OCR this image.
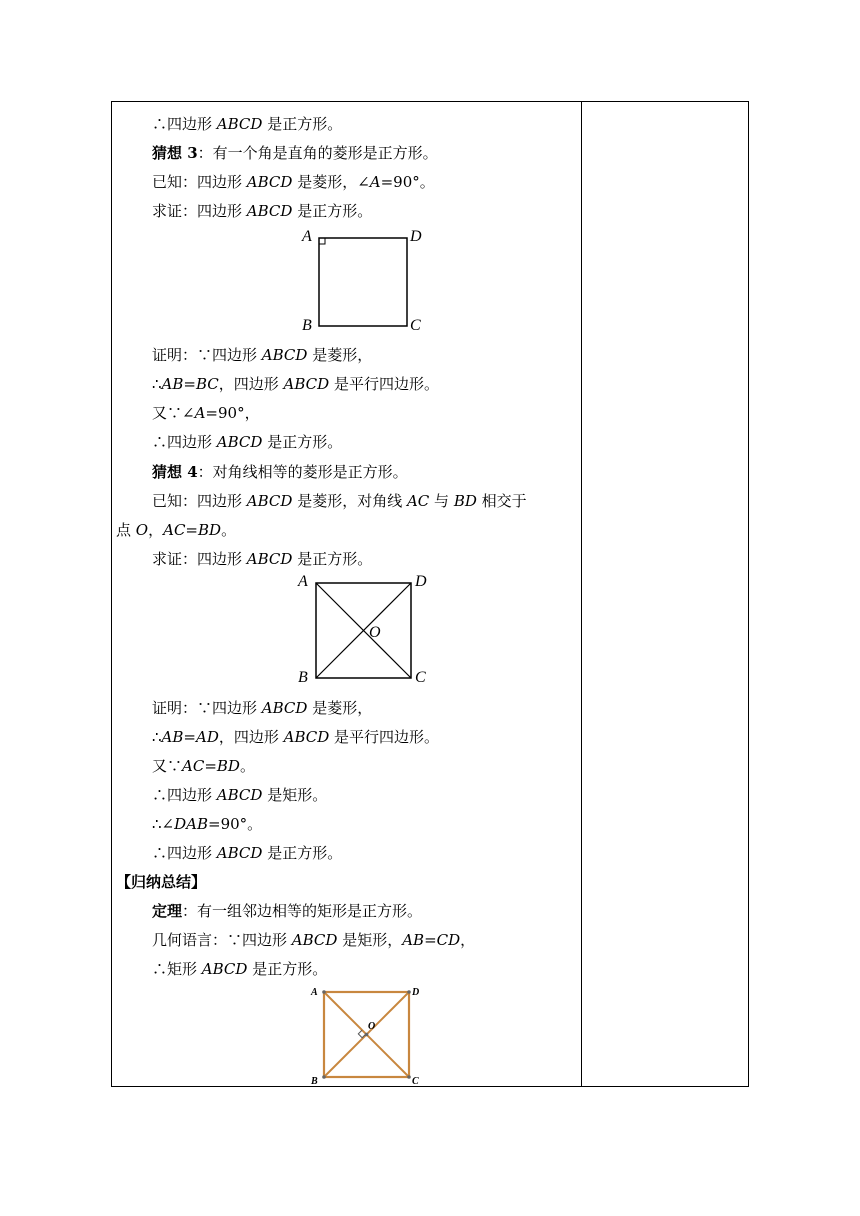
∴四边形 ABCD 是正方形。
猜想 3：有一个角是直角的菱形是正方形。
已知：四边形 ABCD 是菱形，∠A=90°。
求证：四边形 ABCD 是正方形。
A	D
B	C
证明：∵四边形 ABCD 是菱形，
∴AB=BC，四边形 ABCD 是平行四边形。
又∵∠A=90°，
∴四边形 ABCD 是正方形。
猜想 4：对角线相等的菱形是正方形。
已知：四边形 ABCD 是菱形，对角线 AC 与 BD 相交于
点 O，AC=BD。
求证：四边形 ABCD 是正方形。
A	D
B	C
O
证明：∵四边形 ABCD 是菱形，
∴AB=AD，四边形 ABCD 是平行四边形。
又∵AC=BD。
∴四边形 ABCD 是矩形。
∴∠DAB=90°。
∴四边形 ABCD 是正方形。
【归纳总结】
定理：有一组邻边相等的矩形是正方形。
几何语言：∵四边形 ABCD 是矩形，AB=CD，
∴矩形 ABCD 是正方形。
A	D
B	C
O
